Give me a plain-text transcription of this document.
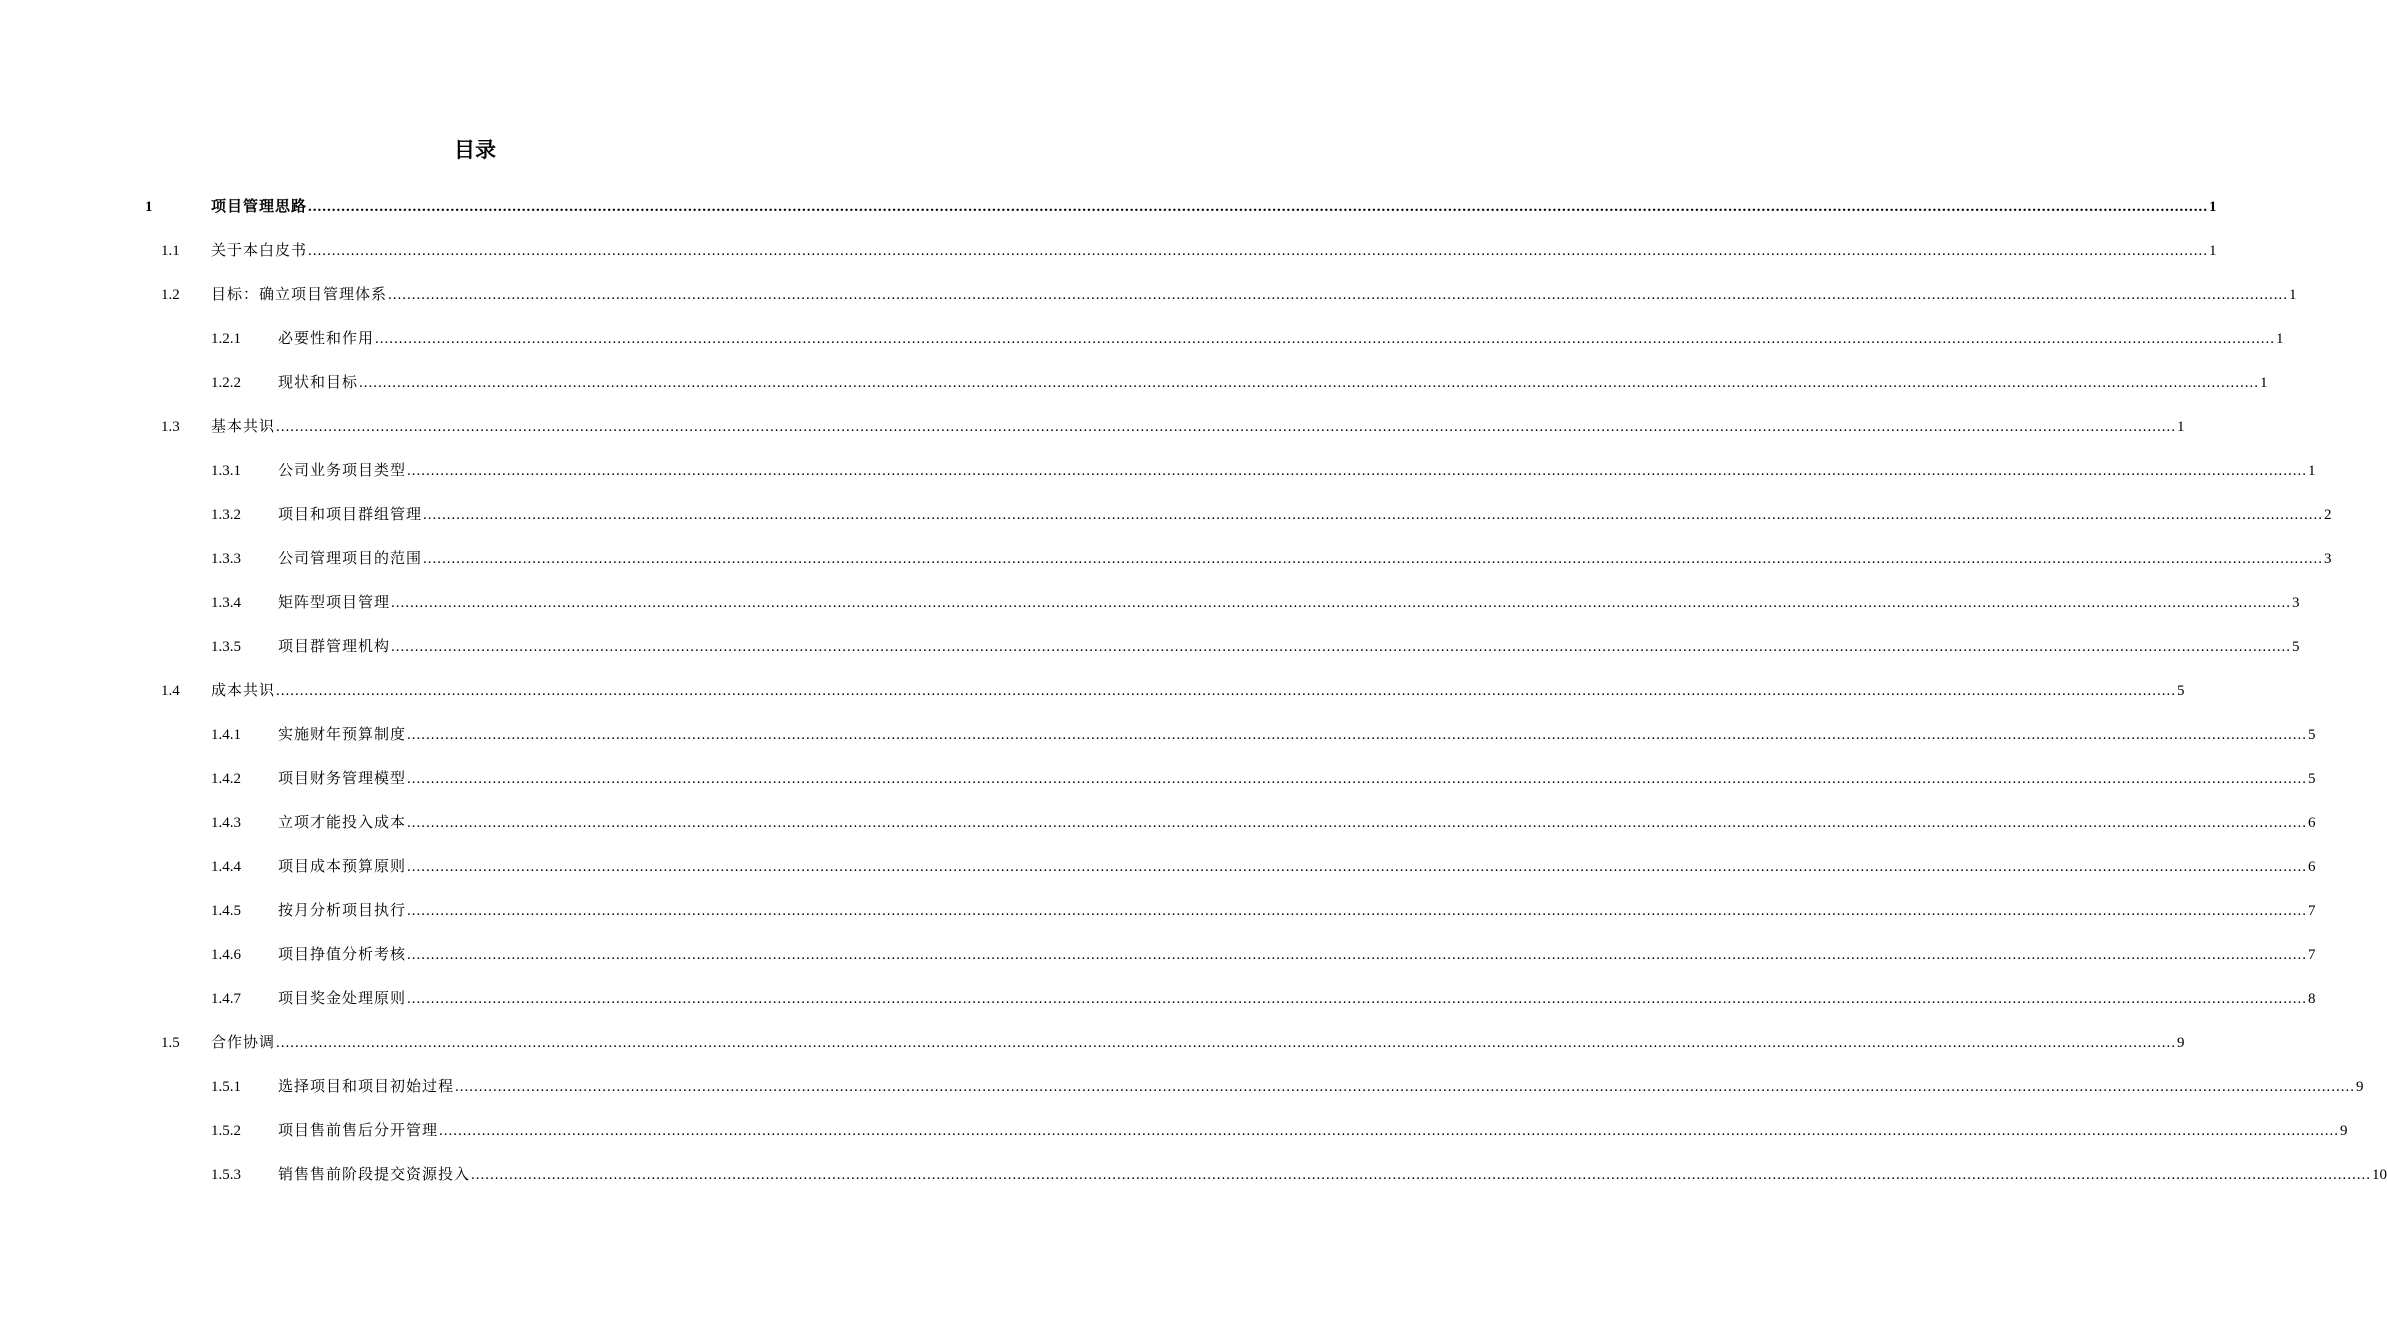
目录
1	项目管理思路 ................................................................................................................................................................................................................................................................................................................................................................................................................ 1
1.1 关于本白皮书 ................................................................................................................................................................................................................................................................................................................................................................................................................ 1
1.2 目标：确立项目管理体系 ................................................................................................................................................................................................................................................................................................................................................................................................................ 1
1.2.1 必要性和作用 ................................................................................................................................................................................................................................................................................................................................................................................................................ 1
1.2.2 现状和目标 ................................................................................................................................................................................................................................................................................................................................................................................................................ 1
1.3 基本共识 ................................................................................................................................................................................................................................................................................................................................................................................................................ 1
1.3.1 公司业务项目类型 ................................................................................................................................................................................................................................................................................................................................................................................................................ 1
1.3.2 项目和项目群组管理 ................................................................................................................................................................................................................................................................................................................................................................................................................ 2
1.3.3 公司管理项目的范围 ................................................................................................................................................................................................................................................................................................................................................................................................................ 3
1.3.4 矩阵型项目管理 ................................................................................................................................................................................................................................................................................................................................................................................................................ 3
1.3.5 项目群管理机构 ................................................................................................................................................................................................................................................................................................................................................................................................................ 5
1.4 成本共识 ................................................................................................................................................................................................................................................................................................................................................................................................................ 5
1.4.1 实施财年预算制度 ................................................................................................................................................................................................................................................................................................................................................................................................................ 5
1.4.2 项目财务管理模型 ................................................................................................................................................................................................................................................................................................................................................................................................................ 5
1.4.3 立项才能投入成本 ................................................................................................................................................................................................................................................................................................................................................................................................................ 6
1.4.4 项目成本预算原则 ................................................................................................................................................................................................................................................................................................................................................................................................................ 6
1.4.5 按月分析项目执行 ................................................................................................................................................................................................................................................................................................................................................................................................................ 7
1.4.6 项目挣值分析考核 ................................................................................................................................................................................................................................................................................................................................................................................................................ 7
1.4.7 项目奖金处理原则 ................................................................................................................................................................................................................................................................................................................................................................................................................ 8
1.5 合作协调 ................................................................................................................................................................................................................................................................................................................................................................................................................ 9
1.5.1 选择项目和项目初始过程 ................................................................................................................................................................................................................................................................................................................................................................................................................ 9
1.5.2 项目售前售后分开管理 ................................................................................................................................................................................................................................................................................................................................................................................................................ 9
1.5.3 销售售前阶段提交资源投入 ................................................................................................................................................................................................................................................................................................................................................................................................................ 10
